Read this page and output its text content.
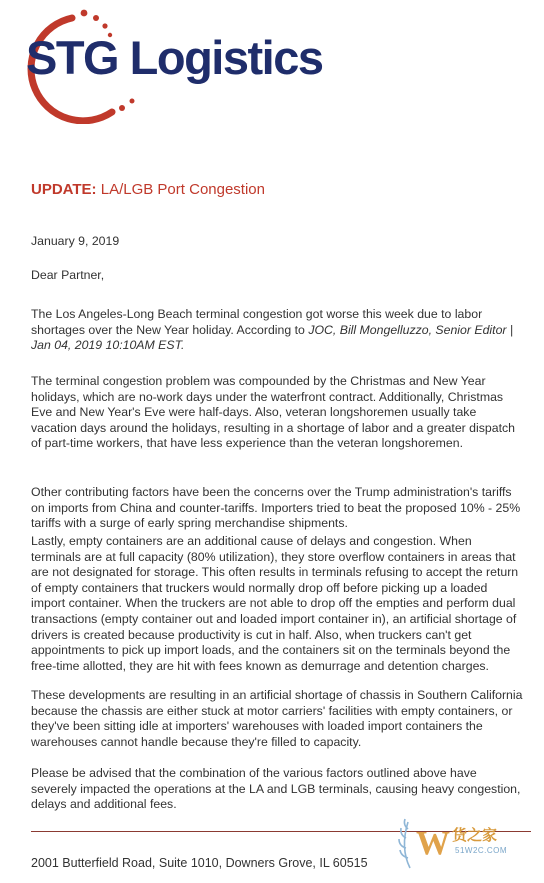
STG Logistics
UPDATE: LA/LGB Port Congestion
January 9, 2019
Dear Partner,
The Los Angeles-Long Beach terminal congestion got worse this week due to labor shortages over the New Year holiday. According to JOC, Bill Mongelluzzo, Senior Editor | Jan 04, 2019 10:10AM EST.
The terminal congestion problem was compounded by the Christmas and New Year holidays, which are no-work days under the waterfront contract. Additionally, Christmas Eve and New Year's Eve were half-days. Also, veteran longshoremen usually take vacation days around the holidays, resulting in a shortage of labor and a greater dispatch of part-time workers, that have less experience than the veteran longshoremen.
Other contributing factors have been the concerns over the Trump administration's tariffs on imports from China and counter-tariffs. Importers tried to beat the proposed 10% - 25% tariffs with a surge of early spring merchandise shipments.
Lastly, empty containers are an additional cause of delays and congestion. When terminals are at full capacity (80% utilization), they store overflow containers in areas that are not designated for storage. This often results in terminals refusing to accept the return of empty containers that truckers would normally drop off before picking up a loaded import container. When the truckers are not able to drop off the empties and perform dual transactions (empty container out and loaded import container in), an artificial shortage of drivers is created because productivity is cut in half. Also, when truckers can't get appointments to pick up import loads, and the containers sit on the terminals beyond the free-time allotted, they are hit with fees known as demurrage and detention charges.
These developments are resulting in an artificial shortage of chassis in Southern California because the chassis are either stuck at motor carriers' facilities with empty containers, or they've been sitting idle at importers' warehouses with loaded import containers the warehouses cannot handle because they're filled to capacity.
Please be advised that the combination of the various factors outlined above have severely impacted the operations at the LA and LGB terminals, causing heavy congestion, delays and additional fees.
2001 Butterfield Road, Suite 1010, Downers Grove, IL 60515
W 货之家
51W2C.COM
